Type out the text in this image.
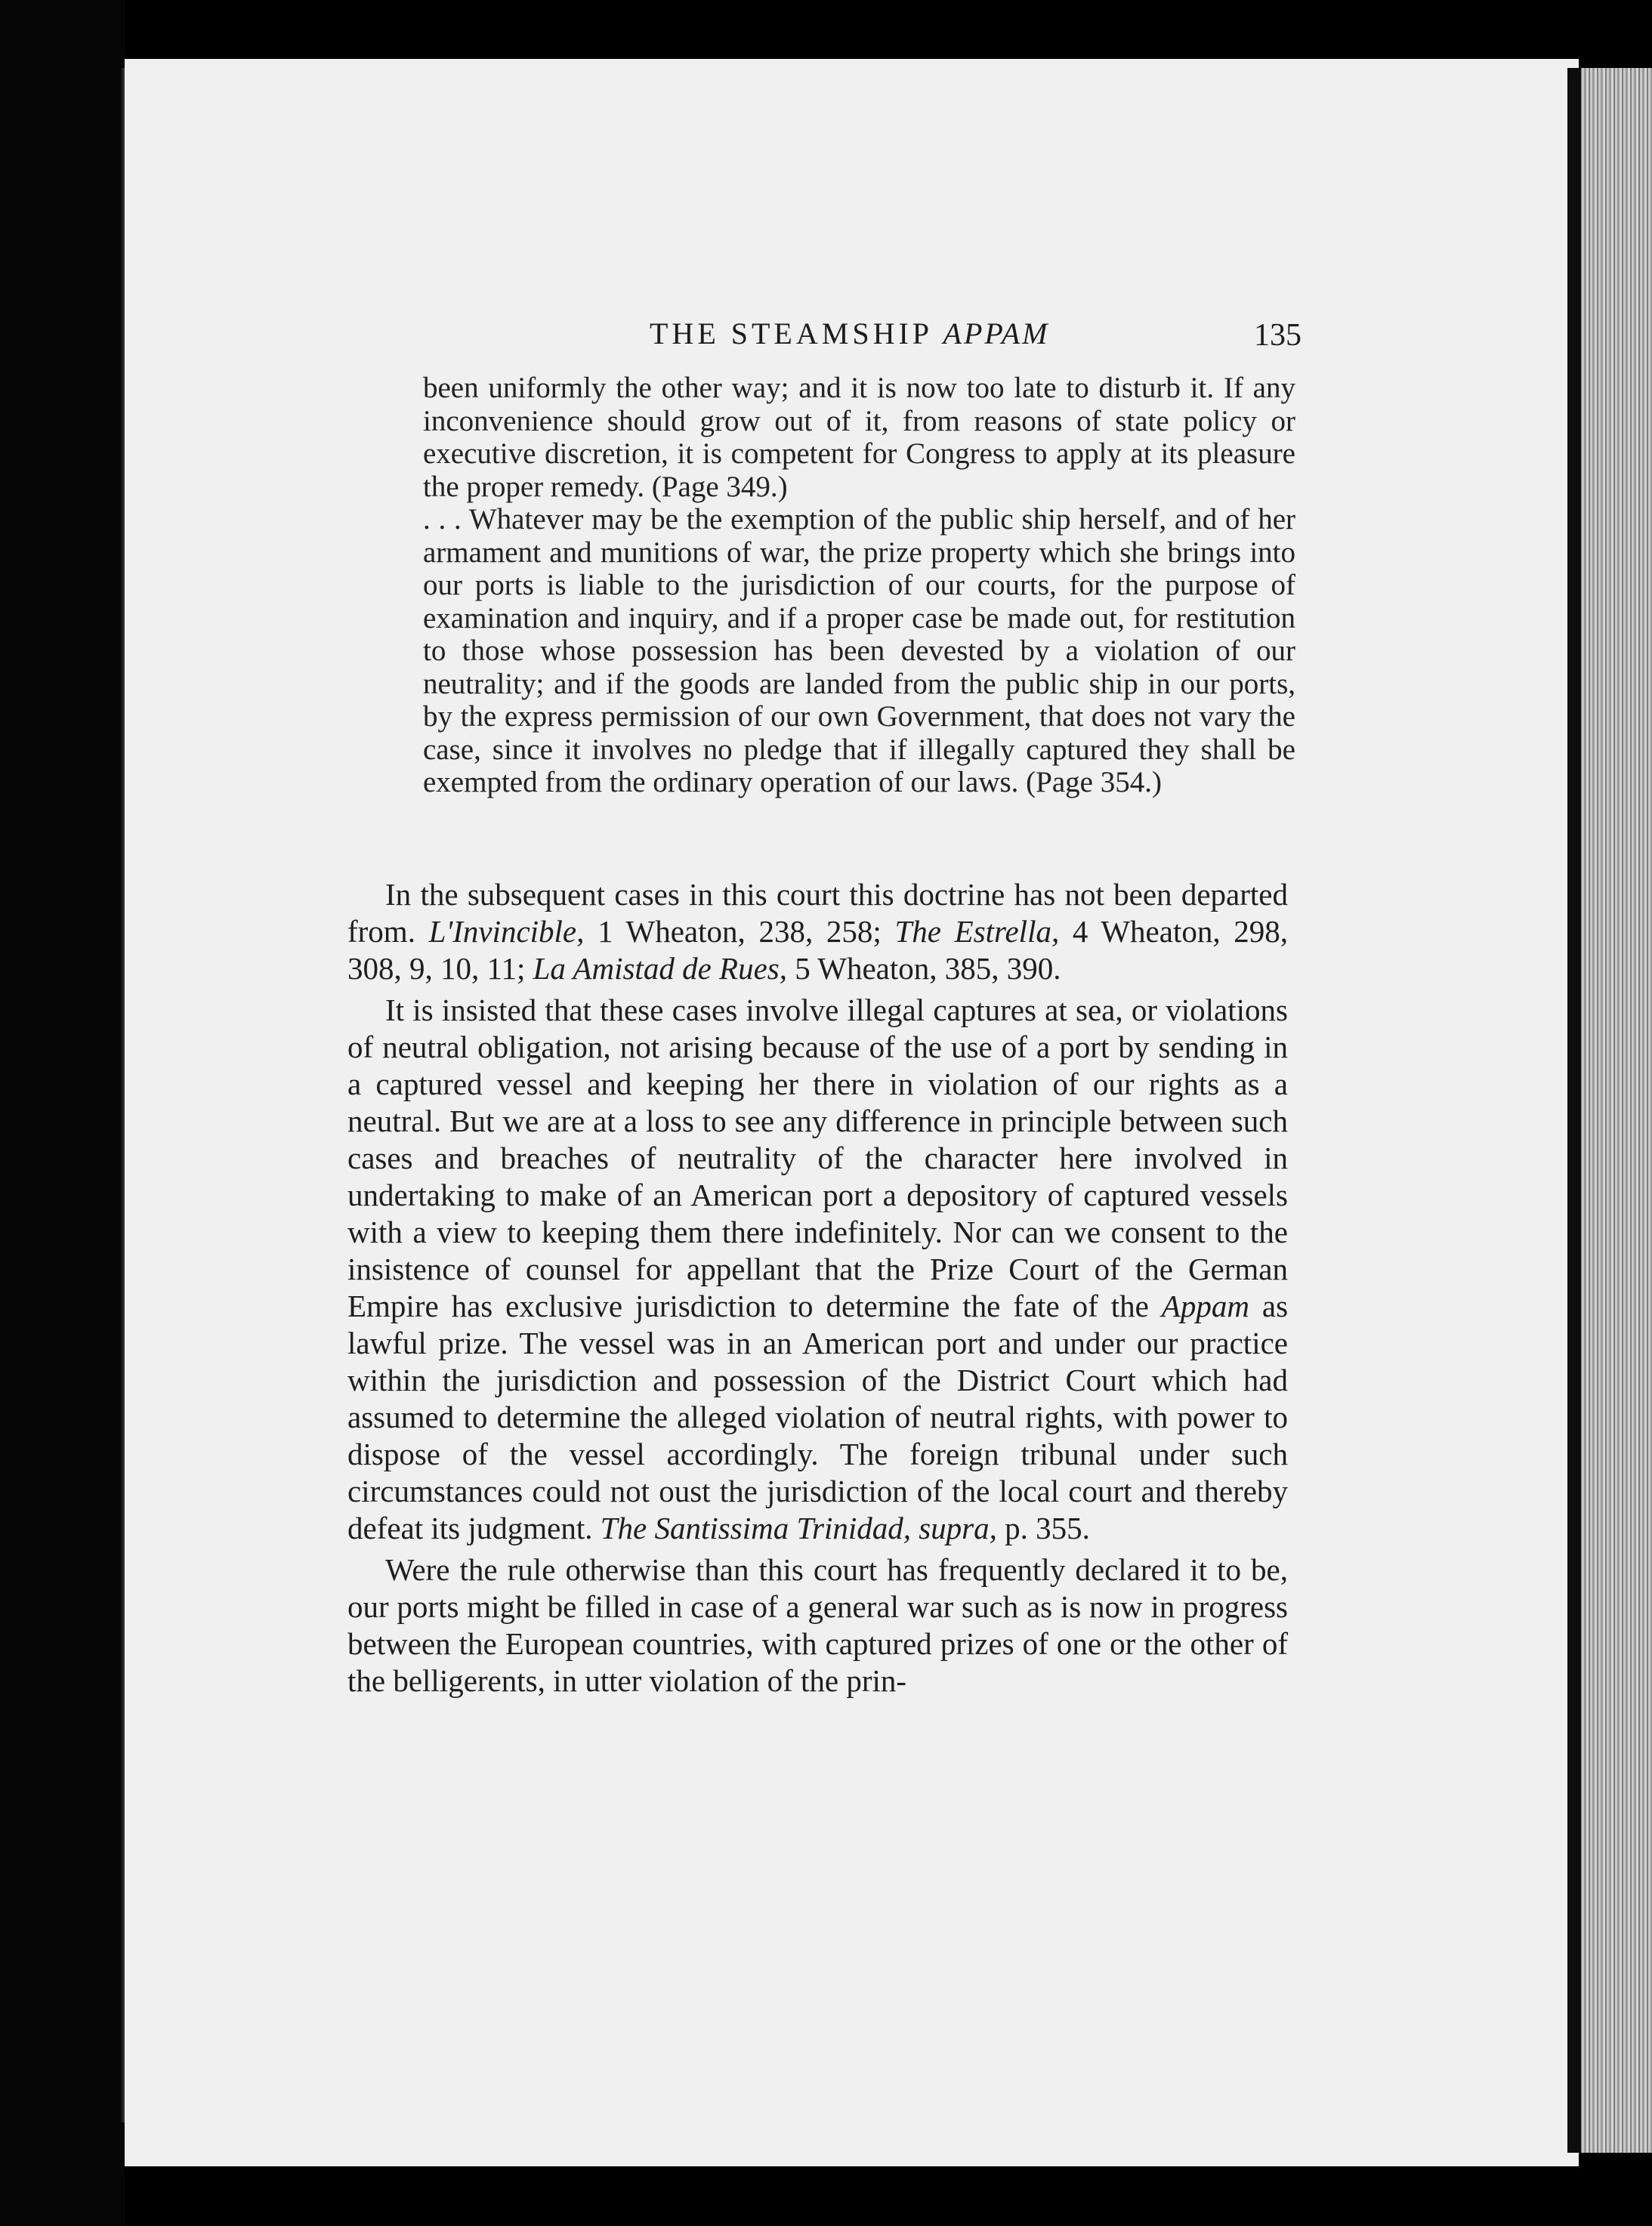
THE STEAMSHIP APPAM	135

been uniformly the other way; and it is now too late to disturb it. If any inconvenience should grow out of it, from reasons of state policy or executive discretion, it is competent for Congress to apply at its pleasure the proper remedy. (Page 349.)

. . . Whatever may be the exemption of the public ship herself, and of her armament and munitions of war, the prize property which she brings into our ports is liable to the jurisdiction of our courts, for the purpose of examination and inquiry, and if a proper case be made out, for restitution to those whose possession has been devested by a violation of our neutrality; and if the goods are landed from the public ship in our ports, by the express permission of our own Government, that does not vary the case, since it involves no pledge that if illegally captured they shall be exempted from the ordinary operation of our laws. (Page 354.)

In the subsequent cases in this court this doctrine has not been departed from. L'Invincible, 1 Wheaton, 238, 258; The Estrella, 4 Wheaton, 298, 308, 9, 10, 11; La Amistad de Rues, 5 Wheaton, 385, 390.

It is insisted that these cases involve illegal captures at sea, or violations of neutral obligation, not arising because of the use of a port by sending in a captured vessel and keeping her there in violation of our rights as a neutral. But we are at a loss to see any difference in principle between such cases and breaches of neutrality of the character here involved in undertaking to make of an American port a depository of captured vessels with a view to keeping them there indefinitely. Nor can we consent to the insistence of counsel for appellant that the Prize Court of the German Empire has exclusive jurisdiction to determine the fate of the Appam as lawful prize. The vessel was in an American port and under our practice within the jurisdiction and possession of the District Court which had assumed to determine the alleged violation of neutral rights, with power to dispose of the vessel accordingly. The foreign tribunal under such circumstances could not oust the jurisdiction of the local court and thereby defeat its judgment. The Santissima Trinidad, supra, p. 355.

Were the rule otherwise than this court has frequently declared it to be, our ports might be filled in case of a general war such as is now in progress between the European countries, with captured prizes of one or the other of the belligerents, in utter violation of the prin-
